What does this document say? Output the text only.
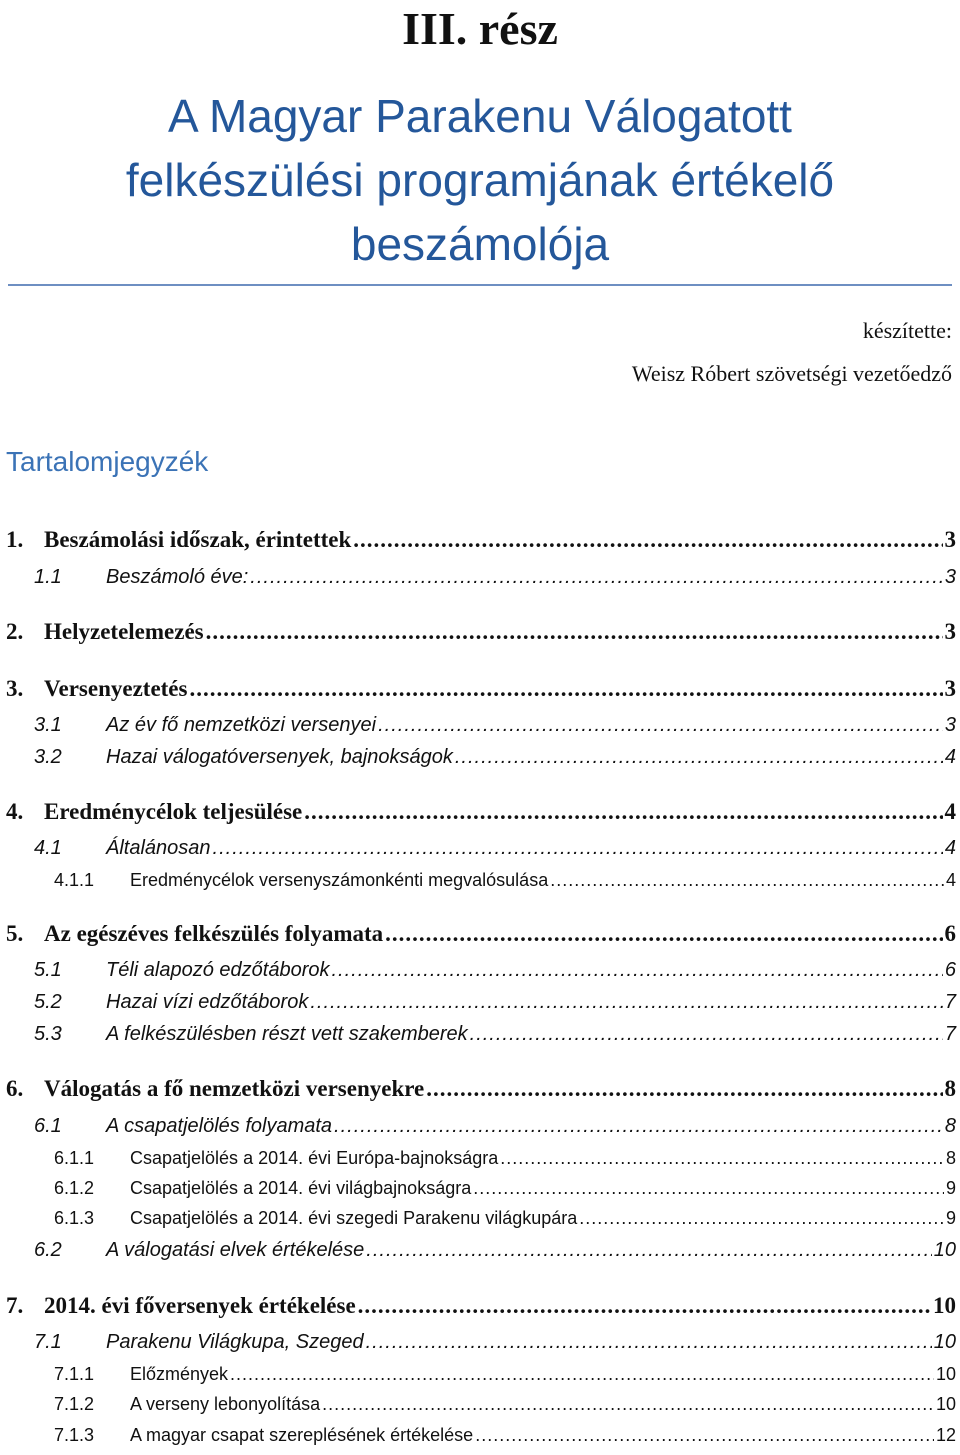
III. rész
A Magyar Parakenu Válogatott
felkészülési programjának értékelő
beszámolója
készítette:
Weisz Róbert szövetségi vezetőedző
Tartalomjegyzék
1. Beszámolási időszak, érintettek .....	3
1.1	Beszámoló éve: .....	3
2. Helyzetelemezés .....	3
3. Versenyeztetés .....	3
3.1	Az év fő nemzetközi versenyei .....	3
3.2	Hazai válogatóversenyek, bajnokságok .....	4
4. Eredménycélok teljesülése .....	4
4.1	Általánosan .....	4
4.1.1	Eredménycélok versenyszámonkénti megvalósulása .....	4
5. Az egészéves felkészülés folyamata .....	6
5.1	Téli alapozó edzőtáborok .....	6
5.2	Hazai vízi edzőtáborok .....	7
5.3	A felkészülésben részt vett szakemberek .....	7
6. Válogatás a fő nemzetközi versenyekre .....	8
6.1	A csapatjelölés folyamata .....	8
6.1.1	Csapatjelölés a 2014. évi Európa-bajnokságra .....	8
6.1.2	Csapatjelölés a 2014. évi világbajnokságra .....	9
6.1.3	Csapatjelölés a 2014. évi szegedi Parakenu világkupára .....	9
6.2	A válogatási elvek értékelése .....	10
7. 2014. évi főversenyek értékelése .....	10
7.1	Parakenu Világkupa, Szeged .....	10
7.1.1	Előzmények .....	10
7.1.2	A verseny lebonyolítása .....	10
7.1.3	A magyar csapat szereplésének értékelése .....	12
